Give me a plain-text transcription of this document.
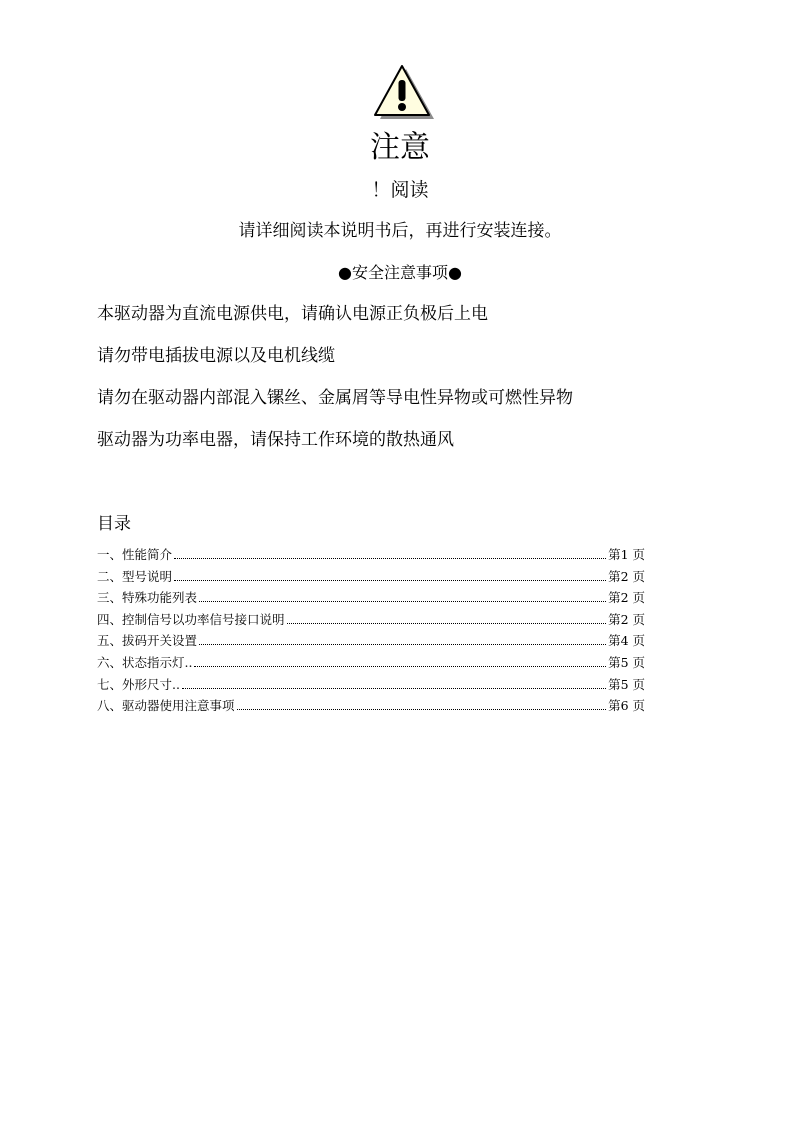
注意
！阅读
请详细阅读本说明书后，再进行安装连接。
●安全注意事项●
本驱动器为直流电源供电，请确认电源正负极后上电
请勿带电插拔电源以及电机线缆
请勿在驱动器内部混入镙丝、金属屑等导电性异物或可燃性异物
驱动器为功率电器，请保持工作环境的散热通风
目录
一、性能简介	第1 页
二、型号说明	第2 页
三、特殊功能列表	第2 页
四、控制信号以功率信号接口说明	第2 页
五、拔码开关设置	第4 页
六、状态指示灯..	第5 页
七、外形尺寸..	第5 页
八、驱动器使用注意事项	第6 页
